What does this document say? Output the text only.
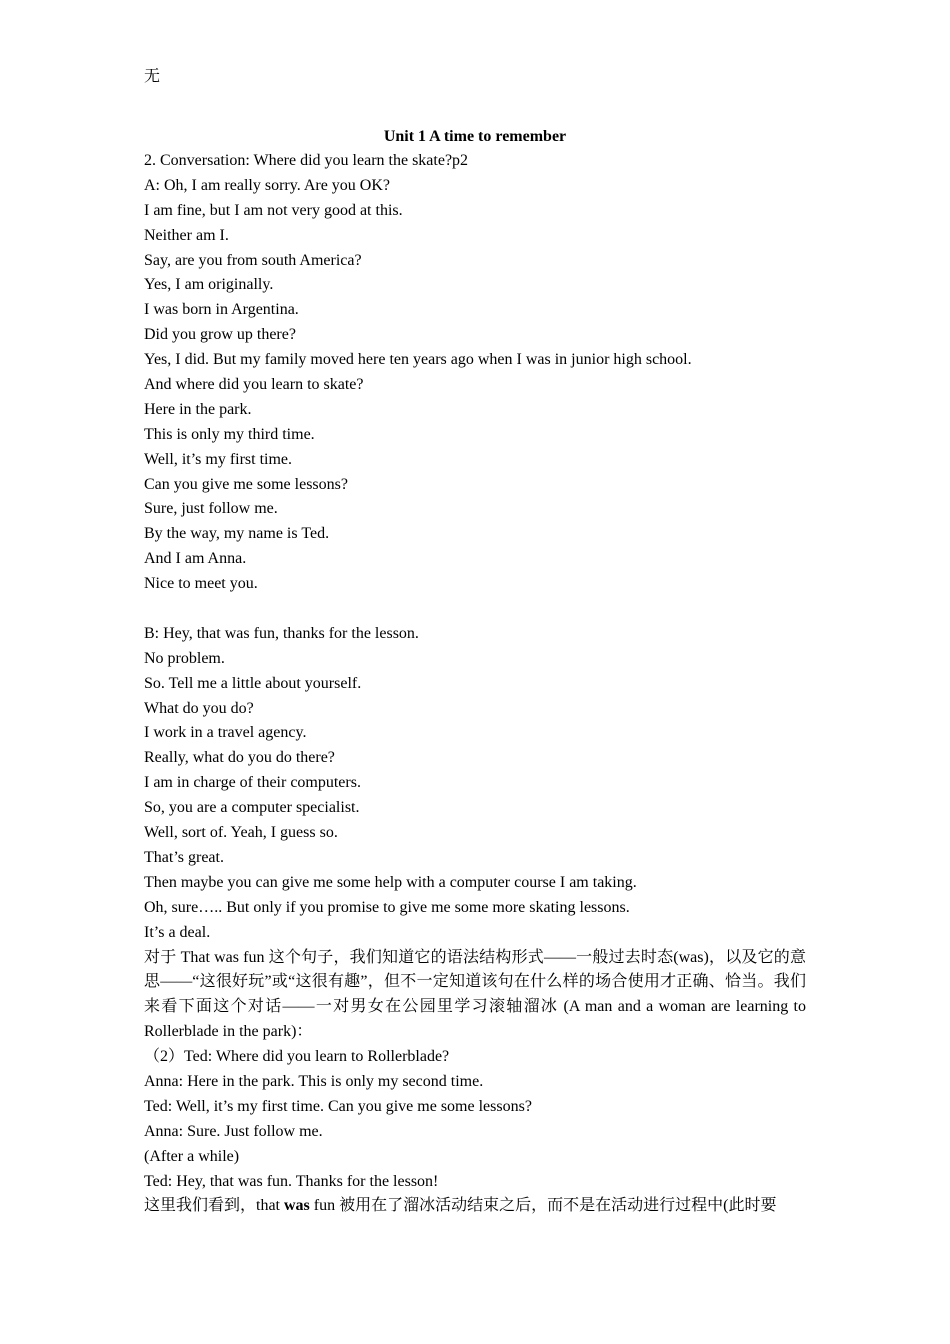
无
Unit 1 A time to remember
2. Conversation: Where did you learn the skate?p2
A: Oh, I am really sorry. Are you OK?
I am fine, but I am not very good at this.
Neither am I.
Say, are you from south America?
Yes, I am originally.
I was born in Argentina.
Did you grow up there?
Yes, I did. But my family moved here ten years ago when I was in junior high school.
And where did you learn to skate?
Here in the park.
This is only my third time.
Well, it’s my first time.
Can you give me some lessons?
Sure, just follow me.
By the way, my name is Ted.
And I am Anna.
Nice to meet you.
B: Hey, that was fun, thanks for the lesson.
No problem.
So. Tell me a little about yourself.
What do you do?
I work in a travel agency.
Really, what do you do there?
I am in charge of their computers.
So, you are a computer specialist.
Well, sort of. Yeah, I guess so.
That’s great.
Then maybe you can give me some help with a computer course I am taking.
Oh, sure….. But only if you promise to give me some more skating lessons.
It’s a deal.
对于 That was fun 这个句子，我们知道它的语法结构形式——一般过去时态(was)，以及它的意思——“这很好玩”或“这很有趣”，但不一定知道该句在什么样的场合使用才正确、恰当。我们来看下面这个对话——一对男女在公园里学习滚轴溜冰 (A man and a woman are learning to Rollerblade in the park)：
（2）Ted: Where did you learn to Rollerblade?
Anna: Here in the park. This is only my second time.
Ted: Well, it’s my first time. Can you give me some lessons?
Anna: Sure. Just follow me.
(After a while)
Ted: Hey, that was fun. Thanks for the lesson!
这里我们看到，that was fun 被用在了溜冰活动结束之后，而不是在活动进行过程中(此时要
